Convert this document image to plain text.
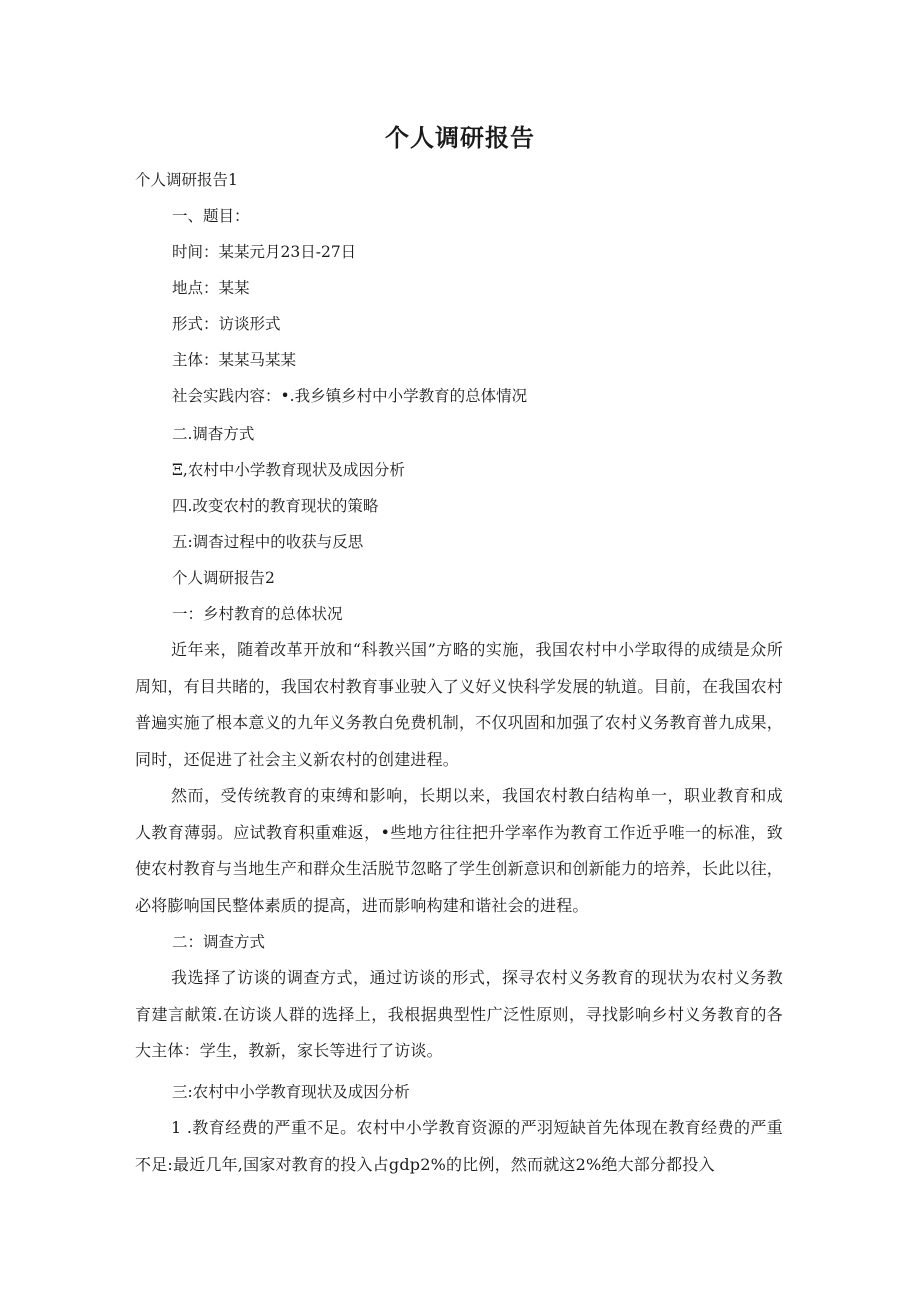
个人调研报告
个人调研报告1
一、题目：
时间：某某元月23日-27日
地点：某某
形式：访谈形式
主体：某某马某某
社会实践内容：•.我乡镇乡村中小学教育的总体情况
二.调杳方式
Ξ,农村中小学教育现状及成因分析
四.改变农村的教育现状的策略
五:调杳过程中的收获与反思
个人调研报告2
一：乡村教育的总体状况
近年来，随着改革开放和“科教兴国”方略的实施，我国农村中小学取得的成绩是众所周知，有目共睹的，我国农村教育事业驶入了义好义快科学发展的轨道。目前，在我国农村普遍实施了根本意义的九年义务教白免费机制，不仅巩固和加强了农村义务教育普九成果，同时，还促进了社会主义新农村的创建进程。
然而，受传统教育的束缚和影响，长期以来，我国农村教白结构单一，职业教育和成人教育薄弱。应试教育积重难返，•些地方往往把升学率作为教育工作近乎唯一的标准，致使农村教育与当地生产和群众生活脱节忽略了学生创新意识和创新能力的培养，长此以往，必将膨响国民整体素质的提高，进而影响构建和谐社会的进程。
二：调查方式
我选择了访谈的调查方式，通过访谈的形式，探寻农村义务教育的现状为农村义务教育建言献策.在访谈人群的选择上，我根据典型性广泛性原则，寻找影响乡村义务教育的各大主体：学生，教新，家长等进行了访谈。
三:农村中小学教育现状及成因分析
1 .教育经费的严重不足。农村中小学教育资源的严羽短缺首先体现在教育经费的严重不足:最近几年,国家对教育的投入占gdp2%的比例，然而就这2%绝大部分都投入
